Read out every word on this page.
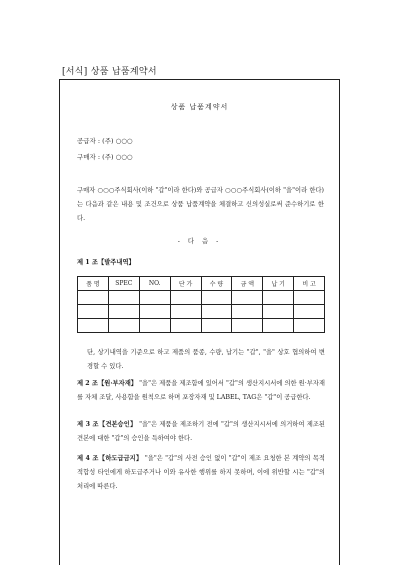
[서식] 상품 납품계약서
상품 납품계약서
공급자 : (주) ○○○
구매자 : (주) ○○○
구매자 ○○○주식회사(이하 "갑"이라 한다)와 공급자 ○○○주식회사(이하 "을"이라 한다)는 다음과 같은 내용 및 조건으로 상품 납품계약을 체결하고 신의성실로써 준수하기로 한다.
- 다 음 -
제 1 조【발주내역】
품 명	SPEC	NO.	단 가	수 량	금 액	납 기	비 고

단, 상기내역을 기준으로 하고 제품의 품종, 수량, 납기는 "갑", "을" 상호 협의하여 변경할 수 있다.
제 2 조【원·부자재】 "을"은 제품을 제조함에 있어서 "갑"의 생산지시서에 의한 원·부자재를 자체 조달, 사용함을 원칙으로 하며 포장자재 및 LABEL, TAG은 "갑"이 공급한다.
제 3 조【견본승인】 "을"은 제품을 제조하기 전에 "갑"의 생산지시서에 의거하여 제조된 견본에 대한 "갑"의 승인을 득하여야 한다.
제 4 조【하도급금지】 "을"은 "갑"의 사전 승인 없이 "갑"이 제조 요청한 본 계약의 목적적합성 타인에게 하도급주거나 이와 유사한 행위를 하지 못하며, 이에 위반할 시는 "갑"의 처리에 따른다.
